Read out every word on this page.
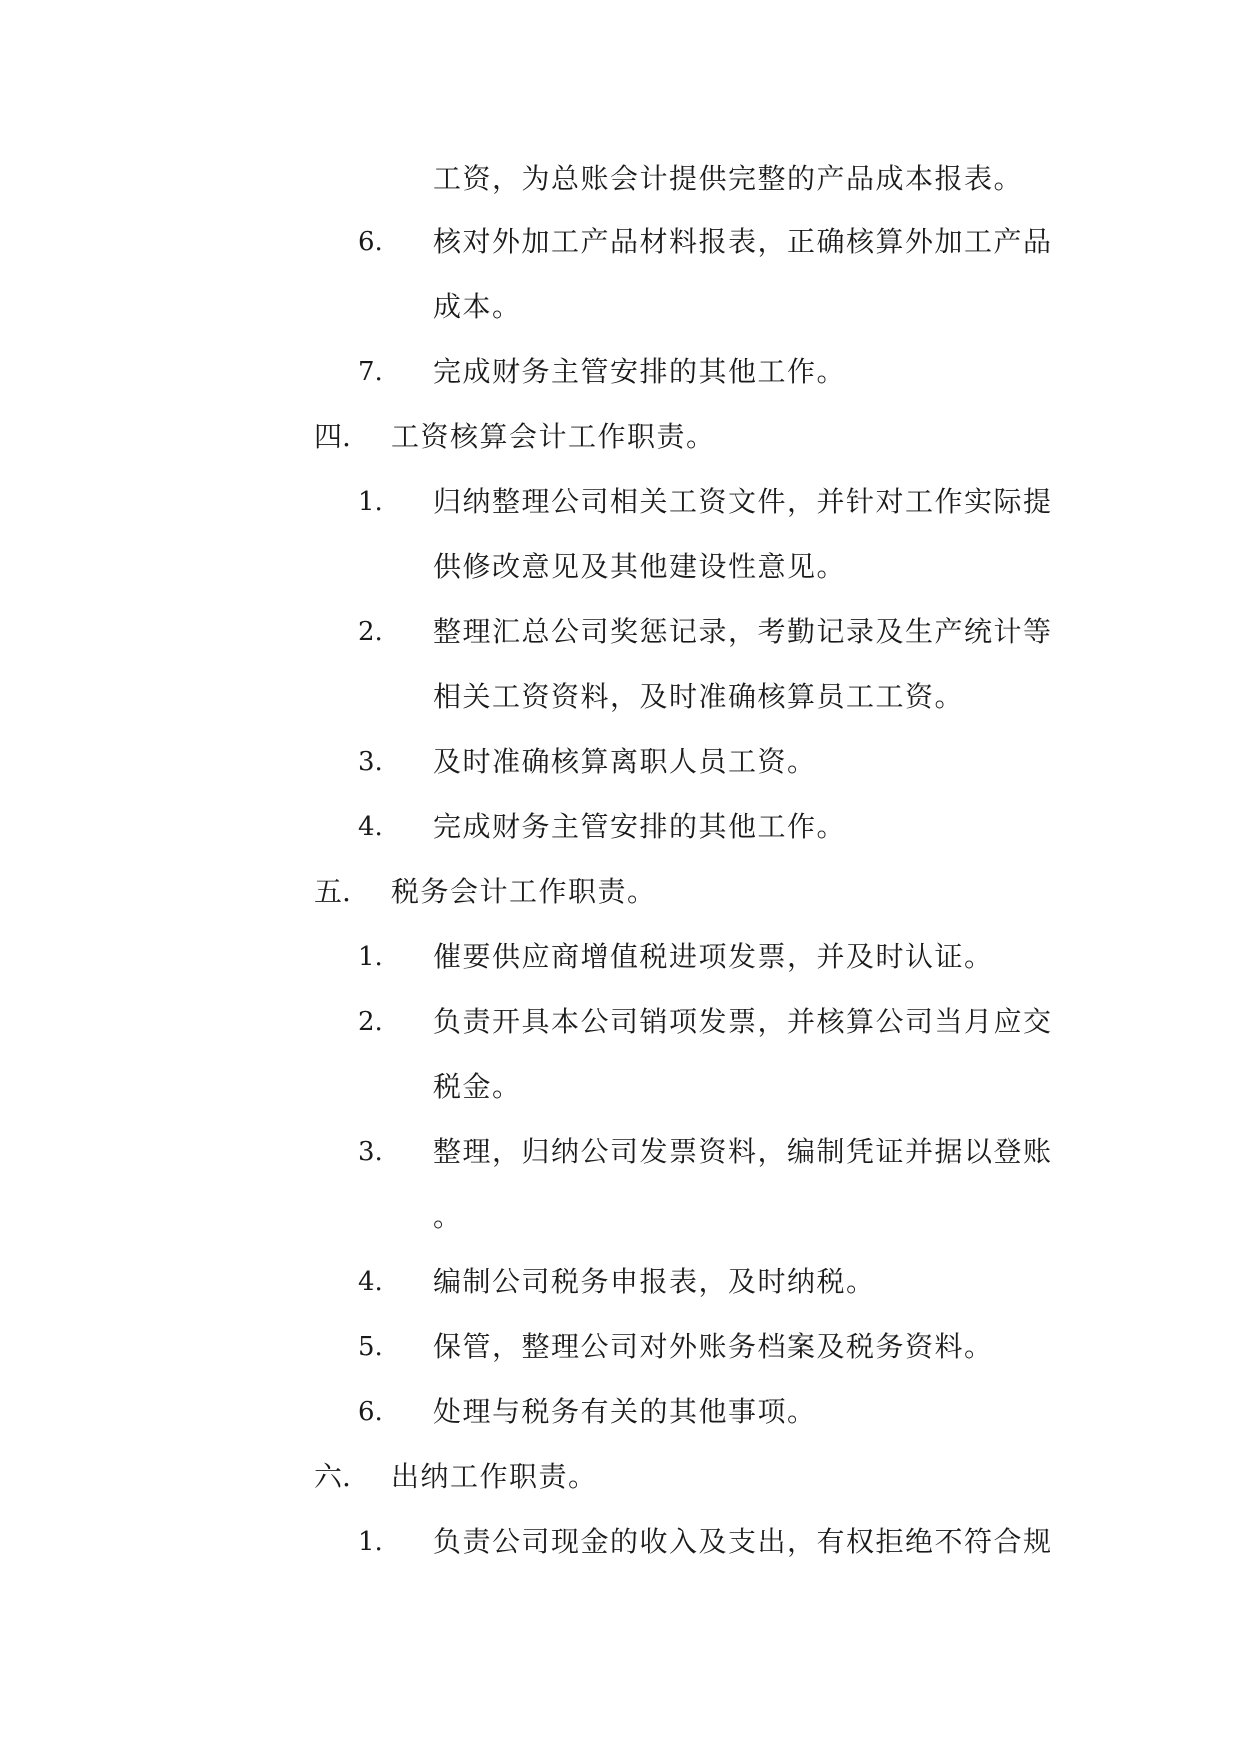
工资，为总账会计提供完整的产品成本报表。
6. 核对外加工产品材料报表，正确核算外加工产品
成本。
7. 完成财务主管安排的其他工作。
四. 工资核算会计工作职责。
1. 归纳整理公司相关工资文件，并针对工作实际提
供修改意见及其他建设性意见。
2. 整理汇总公司奖惩记录，考勤记录及生产统计等
相关工资资料，及时准确核算员工工资。
3. 及时准确核算离职人员工资。
4. 完成财务主管安排的其他工作。
五. 税务会计工作职责。
1. 催要供应商增值税进项发票，并及时认证。
2. 负责开具本公司销项发票，并核算公司当月应交
税金。
3. 整理，归纳公司发票资料，编制凭证并据以登账
。
4. 编制公司税务申报表，及时纳税。
5. 保管，整理公司对外账务档案及税务资料。
6. 处理与税务有关的其他事项。
六. 出纳工作职责。
1. 负责公司现金的收入及支出，有权拒绝不符合规
